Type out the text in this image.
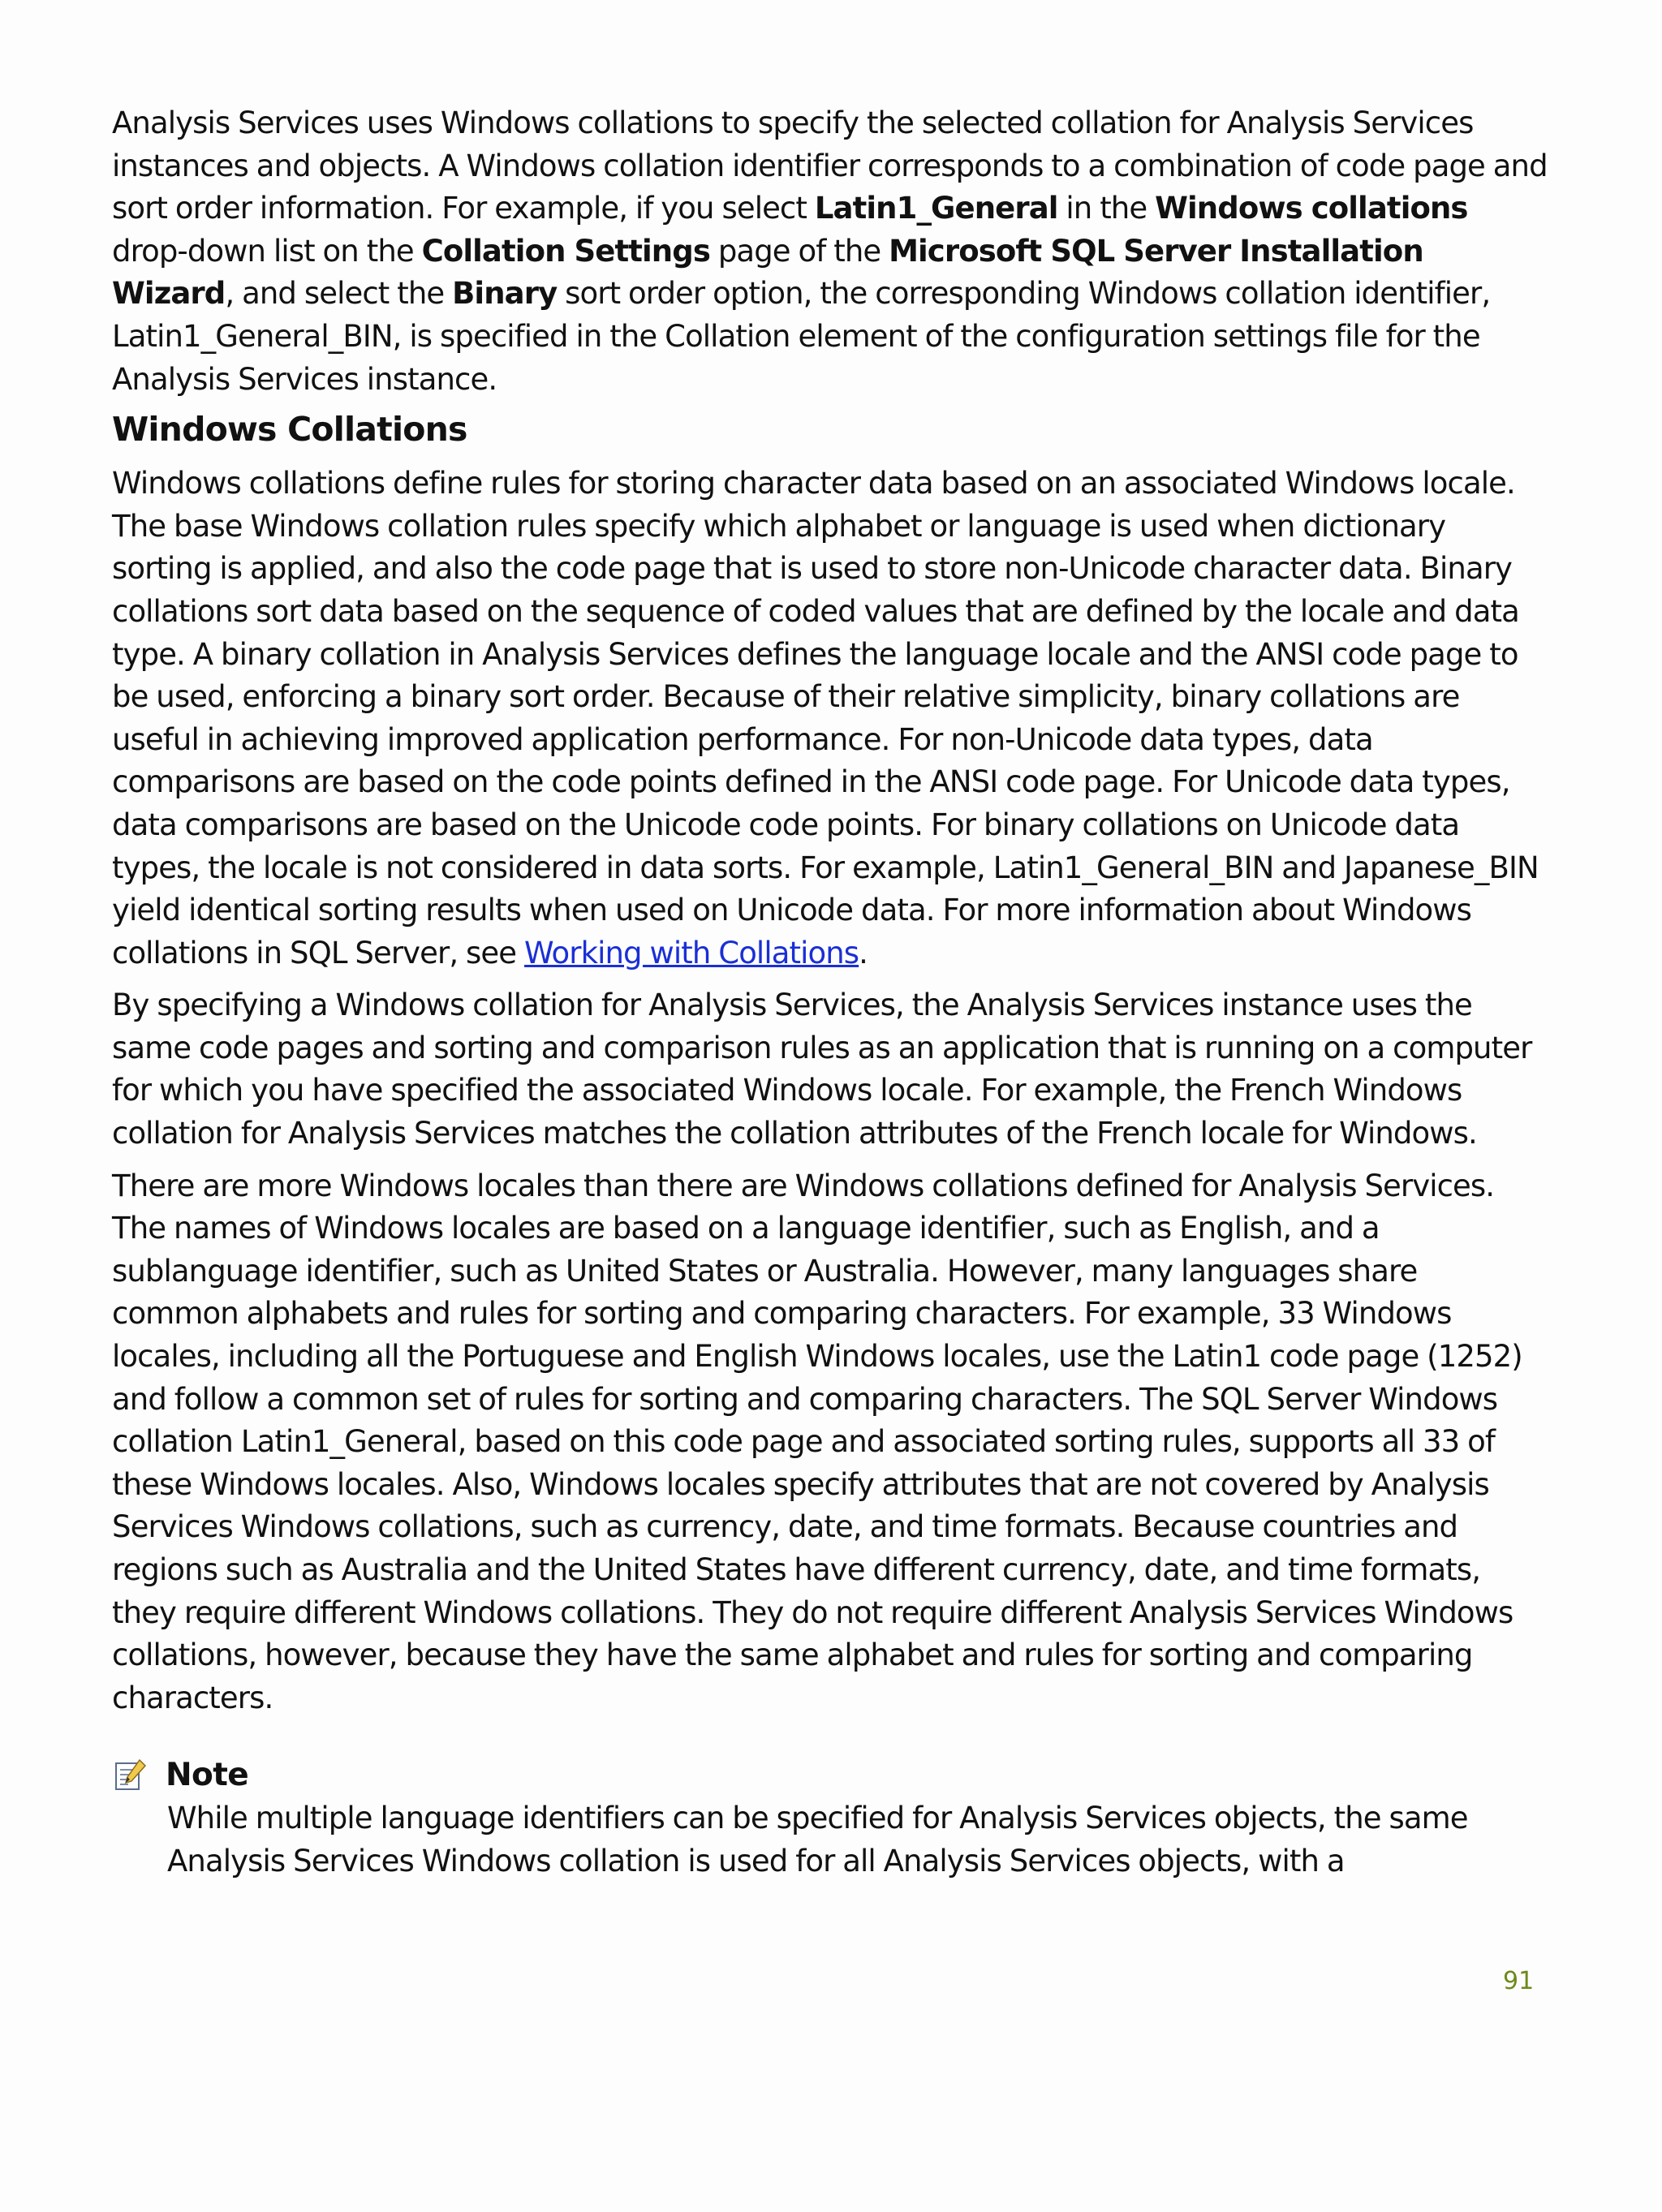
Analysis Services uses Windows collations to specify the selected collation for Analysis Services instances and objects. A Windows collation identifier corresponds to a combination of code page and sort order information. For example, if you select Latin1_General in the Windows collations drop-down list on the Collation Settings page of the Microsoft SQL Server Installation Wizard, and select the Binary sort order option, the corresponding Windows collation identifier, Latin1_General_BIN, is specified in the Collation element of the configuration settings file for the Analysis Services instance.

Windows Collations

Windows collations define rules for storing character data based on an associated Windows locale. The base Windows collation rules specify which alphabet or language is used when dictionary sorting is applied, and also the code page that is used to store non-Unicode character data. Binary collations sort data based on the sequence of coded values that are defined by the locale and data type. A binary collation in Analysis Services defines the language locale and the ANSI code page to be used, enforcing a binary sort order. Because of their relative simplicity, binary collations are useful in achieving improved application performance. For non-Unicode data types, data comparisons are based on the code points defined in the ANSI code page. For Unicode data types, data comparisons are based on the Unicode code points. For binary collations on Unicode data types, the locale is not considered in data sorts. For example, Latin1_General_BIN and Japanese_BIN yield identical sorting results when used on Unicode data. For more information about Windows collations in SQL Server, see Working with Collations.

By specifying a Windows collation for Analysis Services, the Analysis Services instance uses the same code pages and sorting and comparison rules as an application that is running on a computer for which you have specified the associated Windows locale. For example, the French Windows collation for Analysis Services matches the collation attributes of the French locale for Windows.

There are more Windows locales than there are Windows collations defined for Analysis Services. The names of Windows locales are based on a language identifier, such as English, and a sublanguage identifier, such as United States or Australia. However, many languages share common alphabets and rules for sorting and comparing characters. For example, 33 Windows locales, including all the Portuguese and English Windows locales, use the Latin1 code page (1252) and follow a common set of rules for sorting and comparing characters. The SQL Server Windows collation Latin1_General, based on this code page and associated sorting rules, supports all 33 of these Windows locales. Also, Windows locales specify attributes that are not covered by Analysis Services Windows collations, such as currency, date, and time formats. Because countries and regions such as Australia and the United States have different currency, date, and time formats, they require different Windows collations. They do not require different Analysis Services Windows collations, however, because they have the same alphabet and rules for sorting and comparing characters.

Note

While multiple language identifiers can be specified for Analysis Services objects, the same Analysis Services Windows collation is used for all Analysis Services objects, with a

91
